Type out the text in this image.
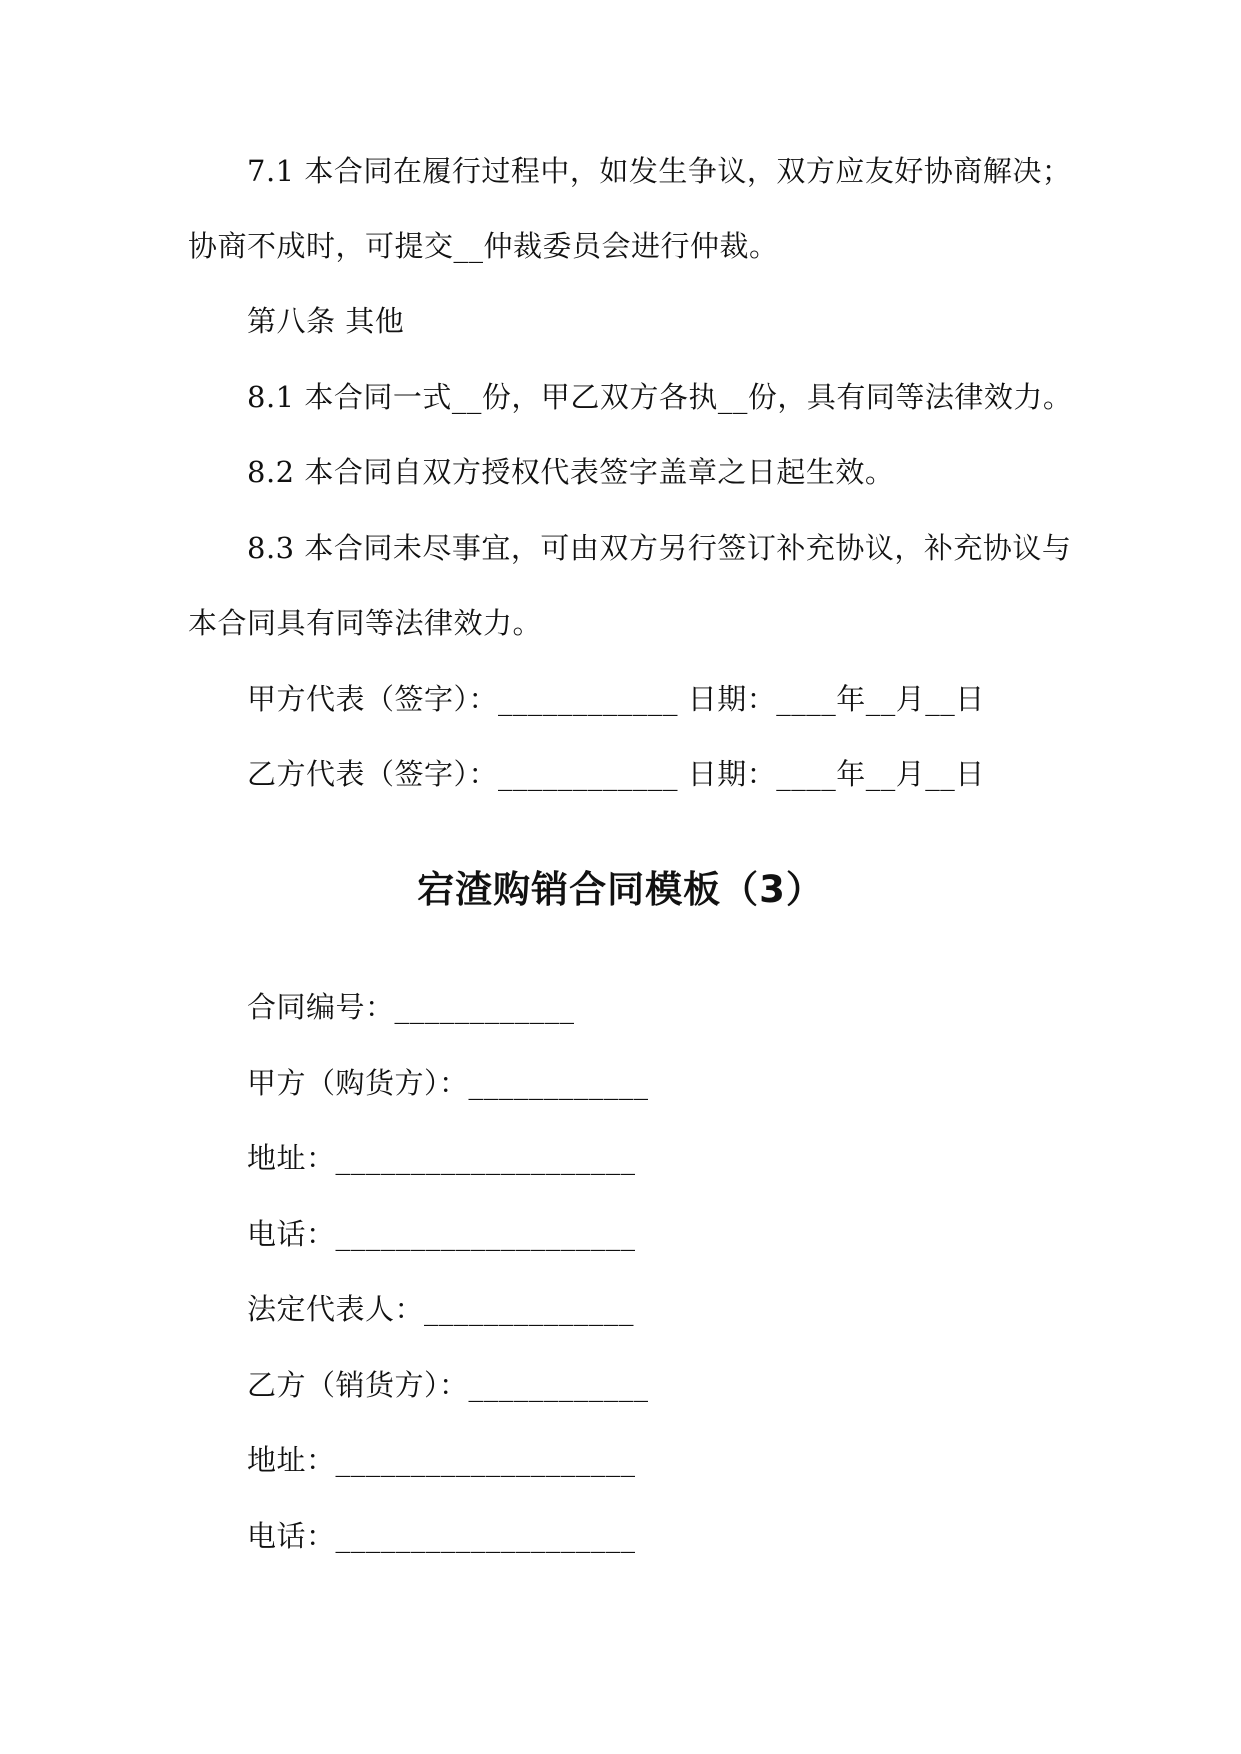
7.1 本合同在履行过程中，如发生争议，双方应友好协商解决；
协商不成时，可提交__仲裁委员会进行仲裁。
第八条 其他
8.1 本合同一式__份，甲乙双方各执__份，具有同等法律效力。
8.2 本合同自双方授权代表签字盖章之日起生效。
8.3 本合同未尽事宜，可由双方另行签订补充协议，补充协议与
本合同具有同等法律效力。
甲方代表（签字）：____________ 日期：____年__月__日
乙方代表（签字）：____________ 日期：____年__月__日
宕渣购销合同模板（3）
合同编号：____________
甲方（购货方）：____________
地址：____________________
电话：____________________
法定代表人：______________
乙方（销货方）：____________
地址：____________________
电话：____________________
